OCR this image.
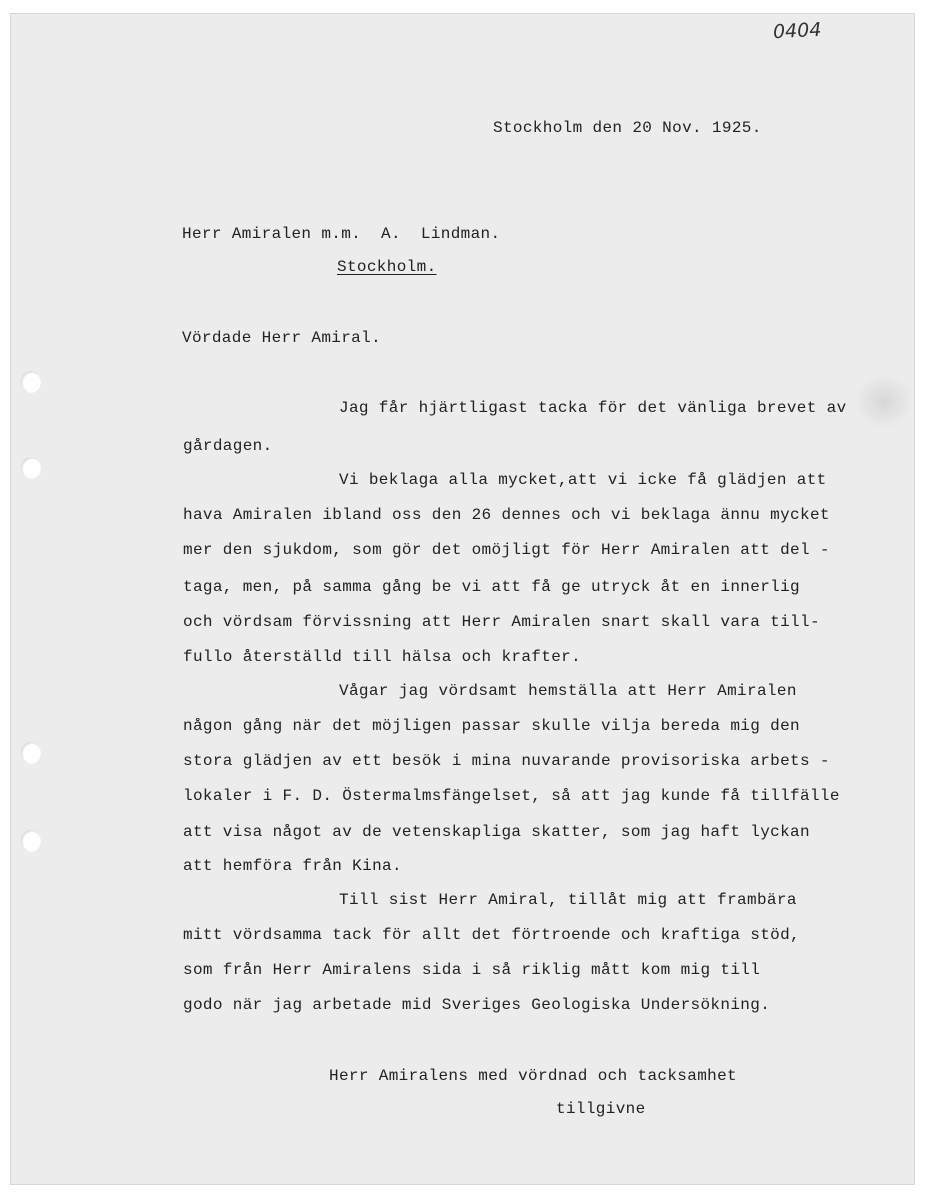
0404
Stockholm den 20 Nov. 1925.
Herr Amiralen m.m.  A.  Lindman.
Stockholm.
Vördade Herr Amiral.
Jag får hjärtligast tacka för det vänliga brevet av
gårdagen.
Vi beklaga alla mycket,att vi icke få glädjen att
hava Amiralen ibland oss den 26 dennes och vi beklaga ännu mycket
mer den sjukdom, som gör det omöjligt för Herr Amiralen att del -
taga, men, på samma gång be vi att få ge utryck åt en innerlig
och vördsam förvissning att Herr Amiralen snart skall vara till-
fullo återställd till hälsa och krafter.
Vågar jag vördsamt hemställa att Herr Amiralen
någon gång när det möjligen passar skulle vilja bereda mig den
stora glädjen av ett besök i mina nuvarande provisoriska arbets -
lokaler i F. D. Östermalmsfängelset, så att jag kunde få tillfälle
att visa något av de vetenskapliga skatter, som jag haft lyckan
att hemföra från Kina.
Till sist Herr Amiral, tillåt mig att frambära
mitt vördsamma tack för allt det förtroende och kraftiga stöd,
som från Herr Amiralens sida i så riklig mått kom mig till
godo när jag arbetade mid Sveriges Geologiska Undersökning.
Herr Amiralens med vördnad och tacksamhet
tillgivne
